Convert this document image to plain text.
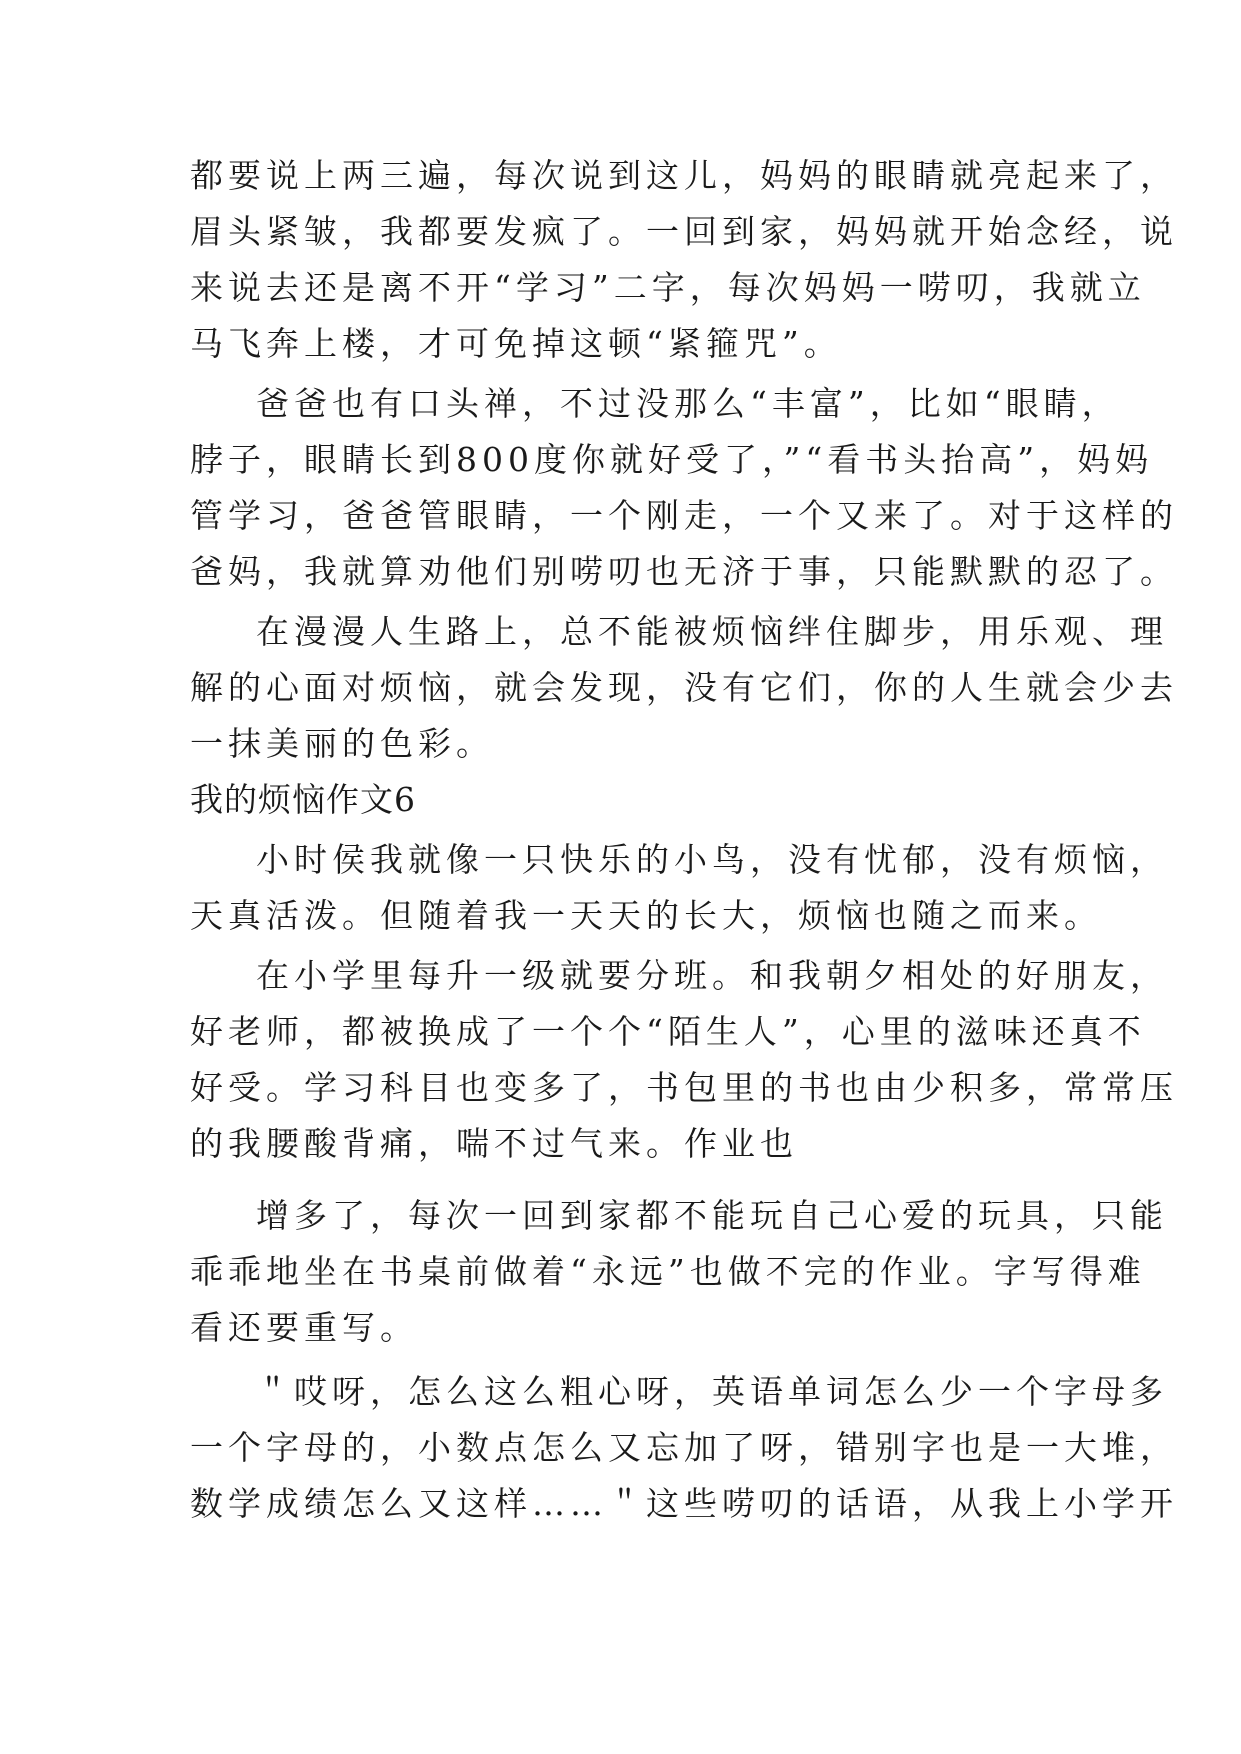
都要说上两三遍，每次说到这儿，妈妈的眼睛就亮起来了，
眉头紧皱，我都要发疯了。一回到家，妈妈就开始念经，说
来说去还是离不开“学习”二字，每次妈妈一唠叨，我就立
马飞奔上楼，才可免掉这顿“紧箍咒”。
爸爸也有口头禅，不过没那么“丰富”，比如“眼睛，
脖子，眼睛长到800度你就好受了，”“看书头抬高”，妈妈
管学习，爸爸管眼睛，一个刚走，一个又来了。对于这样的
爸妈，我就算劝他们别唠叨也无济于事，只能默默的忍了。
在漫漫人生路上，总不能被烦恼绊住脚步，用乐观、理
解的心面对烦恼，就会发现，没有它们，你的人生就会少去
一抹美丽的色彩。
我的烦恼作文6
小时侯我就像一只快乐的小鸟，没有忧郁，没有烦恼，
天真活泼。但随着我一天天的长大，烦恼也随之而来。
在小学里每升一级就要分班。和我朝夕相处的好朋友，
好老师，都被换成了一个个“陌生人”，心里的滋味还真不
好受。学习科目也变多了，书包里的书也由少积多，常常压
的我腰酸背痛，喘不过气来。作业也
增多了，每次一回到家都不能玩自己心爱的玩具，只能
乖乖地坐在书桌前做着“永远”也做不完的作业。字写得难
看还要重写。
＂哎呀，怎么这么粗心呀，英语单词怎么少一个字母多
一个字母的，小数点怎么又忘加了呀，错别字也是一大堆，
数学成绩怎么又这样……＂这些唠叨的话语，从我上小学开
